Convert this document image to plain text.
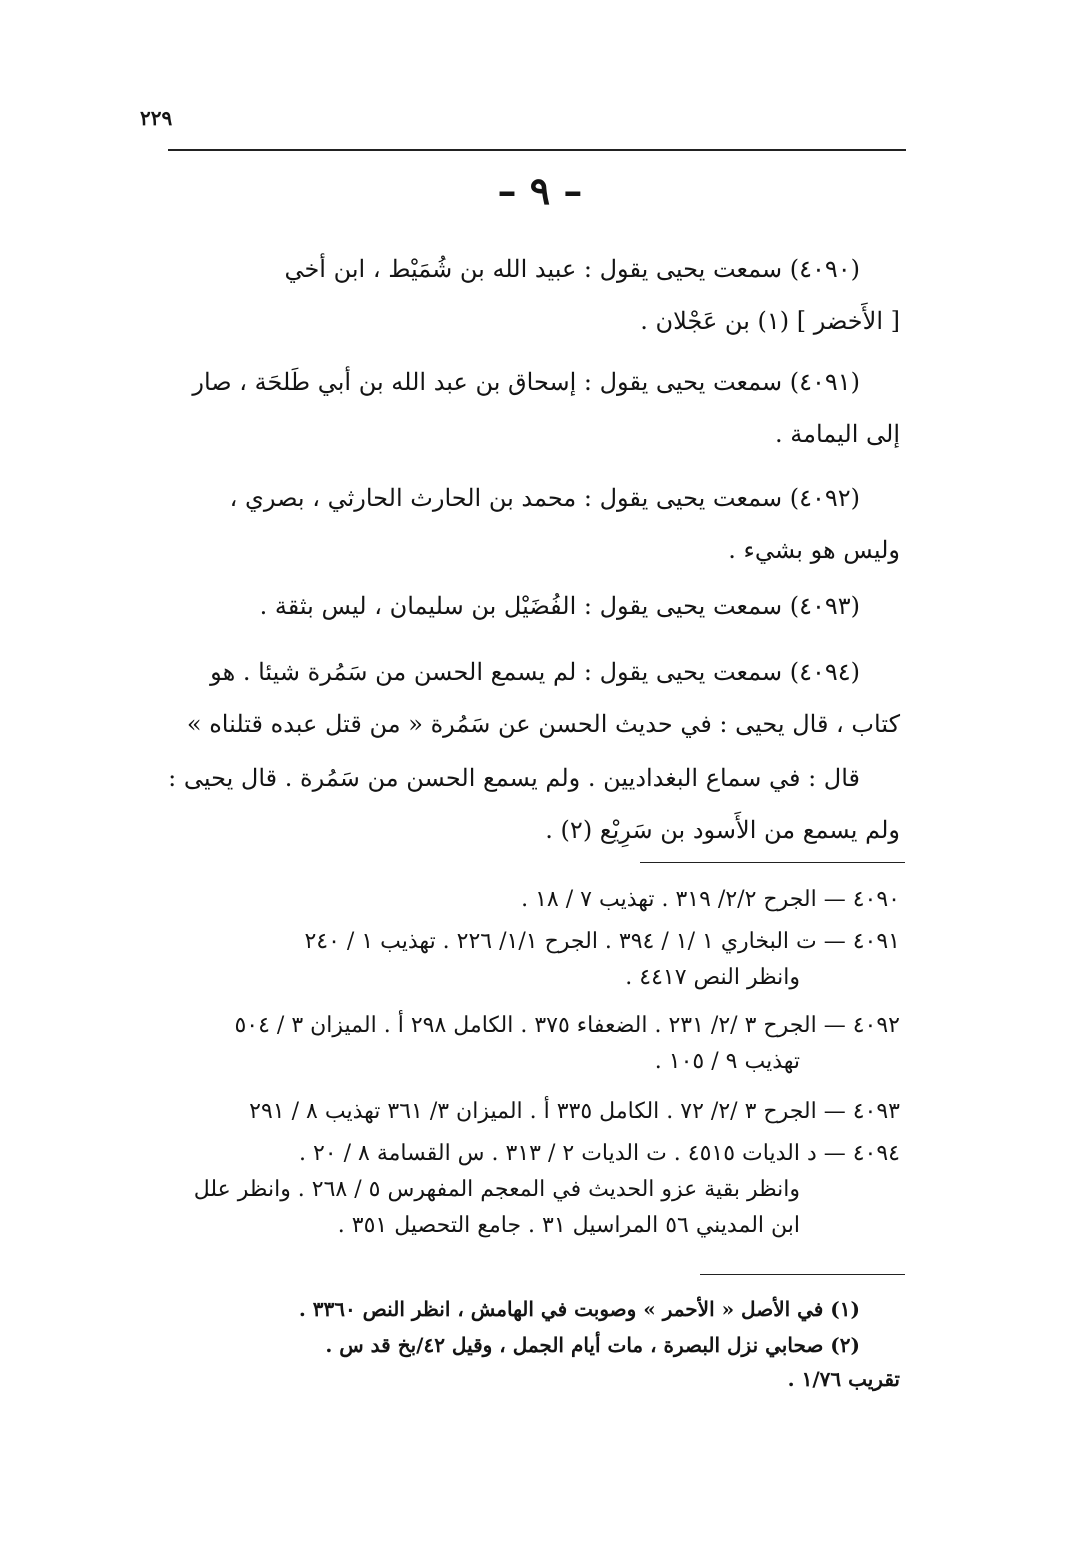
٢٢٩
– ٩ –
(٤٠٩٠) سمعت يحيى يقول : عبيد الله بن شُمَيْط ، ابن أخي
[ الأَخضر ] (١) بن عَجْلان .
(٤٠٩١) سمعت يحيى يقول : إسحاق بن عبد الله بن أبي طَلحَة ، صار
إلى اليمامة .
(٤٠٩٢) سمعت يحيى يقول : محمد بن الحارث الحارثي ، بصري ،
وليس هو بشيء .
(٤٠٩٣) سمعت يحيى يقول : الفُضَيْل بن سليمان ، ليس بثقة .
(٤٠٩٤) سمعت يحيى يقول : لم يسمع الحسن من سَمُرة شيئا . هو
كتاب ، قال يحيى : في حديث الحسن عن سَمُرة « من قتل عبده قتلناه »
قال : في سماع البغداديين . ولم يسمع الحسن من سَمُرة . قال يحيى :
ولم يسمع من الأَسود بن سَرِيْع (٢) .
٤٠٩٠ — الجرح ٢/٢/ ٣١٩ . تهذيب ٧ / ١٨ .
٤٠٩١ — ت البخاري ١ /١ / ٣٩٤ . الجرح ١/١/ ٢٢٦ . تهذيب ١ / ٢٤٠
وانظر النص ٤٤١٧ .
٤٠٩٢ — الجرح ٣ /٢/ ٢٣١ . الضعفاء ٣٧٥ . الكامل ٢٩٨ أ . الميزان ٣ / ٥٠٤
تهذيب ٩ / ١٠٥ .
٤٠٩٣ — الجرح ٣ /٢/ ٧٢ . الكامل ٣٣٥ أ . الميزان ٣/ ٣٦١ تهذيب ٨ / ٢٩١
٤٠٩٤ — د الديات ٤٥١٥ . ت الديات ٢ / ٣١٣ . س القسامة ٨ / ٢٠ .
وانظر بقية عزو الحديث في المعجم المفهرس ٥ / ٢٦٨ . وانظر علل
ابن المديني ٥٦ المراسيل ٣١ . جامع التحصيل ٣٥١ .
(١) في الأصل « الأحمر » وصوبت في الهامش ، انظر النص ٣٣٦٠ .
(٢) صحابي نزل البصرة ، مات أيام الجمل ، وقيل ٤٢/بخ قد س .
تقريب ١/٧٦ .
